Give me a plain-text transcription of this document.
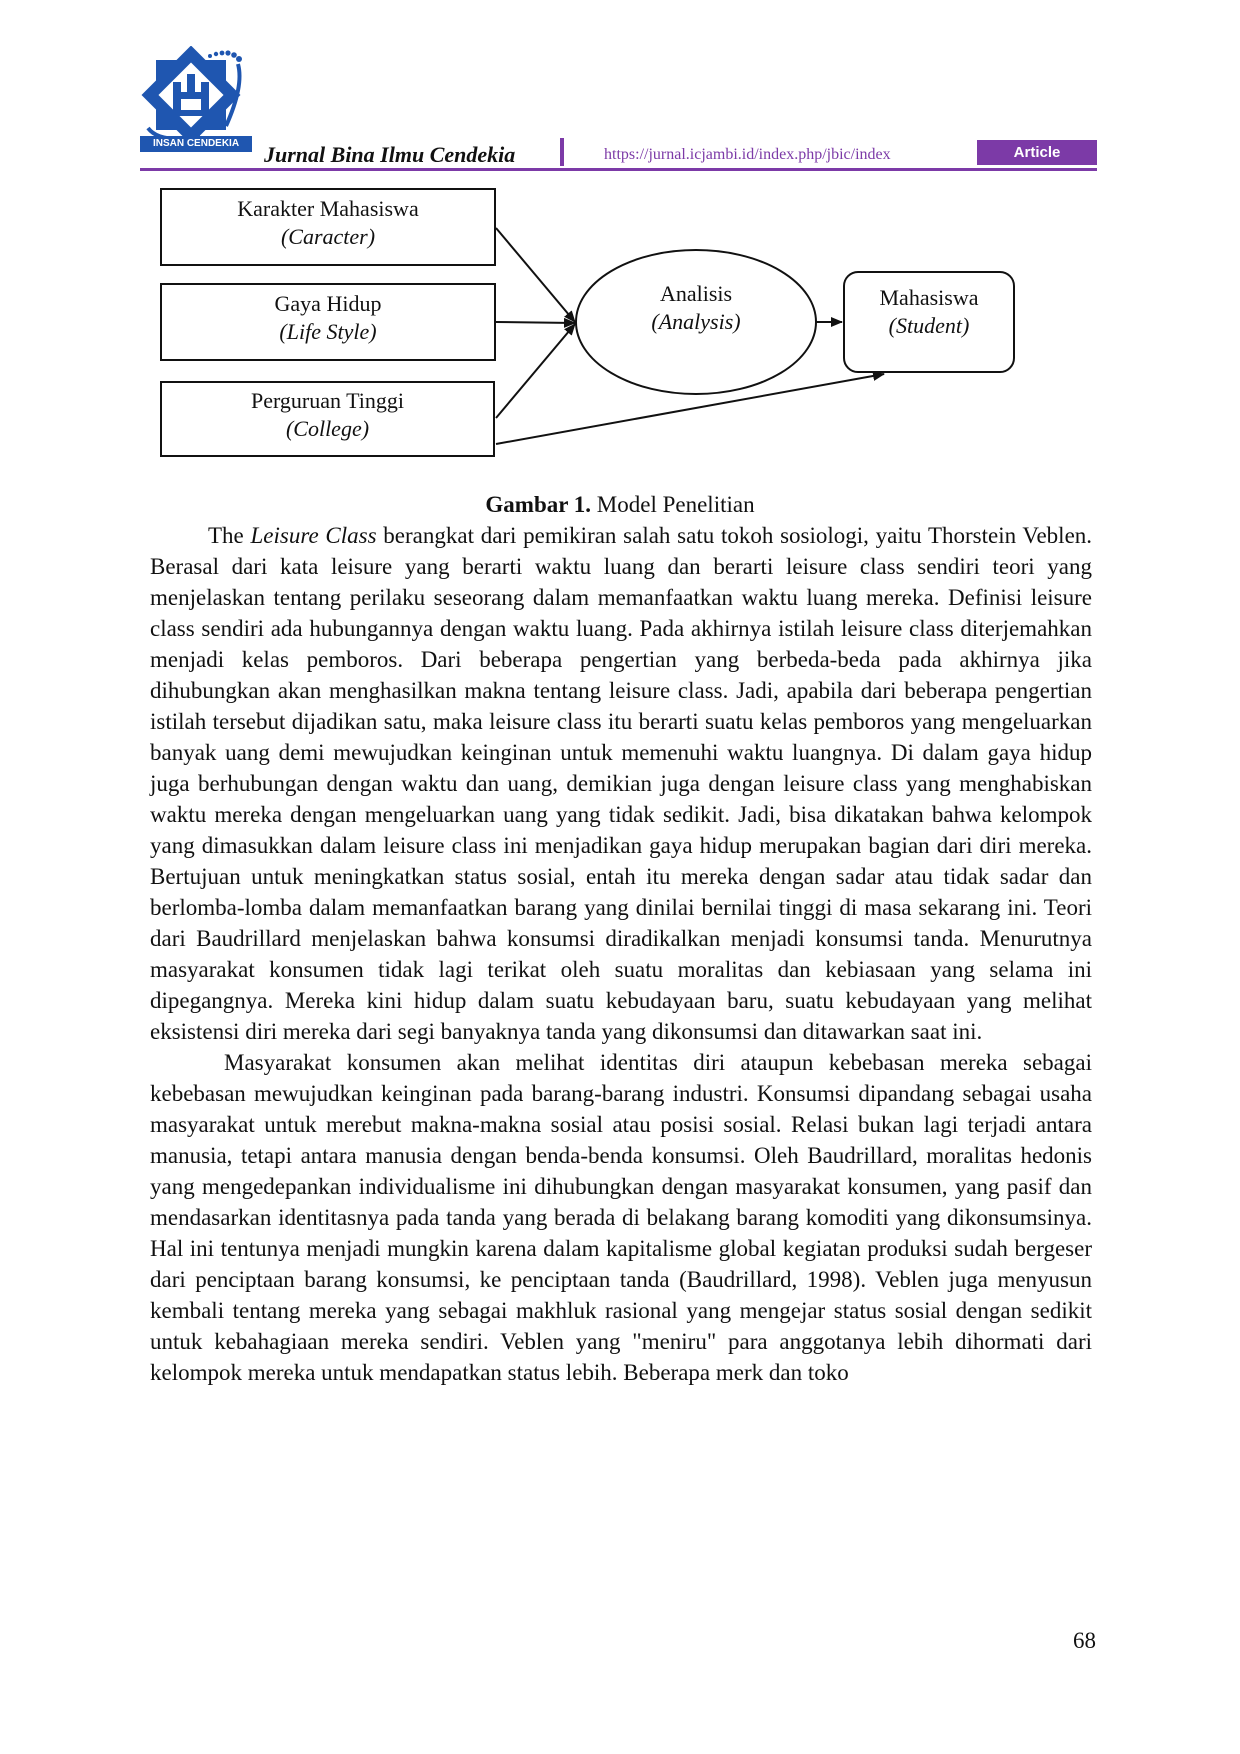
INSAN CENDEKIA	Jurnal Bina Ilmu Cendekia	https://jurnal.icjambi.id/index.php/jbic/index	Article
Karakter Mahasiswa
(Caracter)
Gaya Hidup
(Life Style)
Perguruan Tinggi
(College)
Analisis
(Analysis)
Mahasiswa
(Student)
Gambar 1. Model Penelitian

The Leisure Class berangkat dari pemikiran salah satu tokoh sosiologi, yaitu Thorstein Veblen. Berasal dari kata leisure yang berarti waktu luang dan berarti leisure class sendiri teori yang menjelaskan tentang perilaku seseorang dalam memanfaatkan waktu luang mereka. Definisi leisure class sendiri ada hubungannya dengan waktu luang. Pada akhirnya istilah leisure class diterjemahkan menjadi kelas pemboros. Dari beberapa pengertian yang berbeda-beda pada akhirnya jika dihubungkan akan menghasilkan makna tentang leisure class. Jadi, apabila dari beberapa pengertian istilah tersebut dijadikan satu, maka leisure class itu berarti suatu kelas pemboros yang mengeluarkan banyak uang demi mewujudkan keinginan untuk memenuhi waktu luangnya. Di dalam gaya hidup juga berhubungan dengan waktu dan uang, demikian juga dengan leisure class yang menghabiskan waktu mereka dengan mengeluarkan uang yang tidak sedikit. Jadi, bisa dikatakan bahwa kelompok yang dimasukkan dalam leisure class ini menjadikan gaya hidup merupakan bagian dari diri mereka. Bertujuan untuk meningkatkan status sosial, entah itu mereka dengan sadar atau tidak sadar dan berlomba-lomba dalam memanfaatkan barang yang dinilai bernilai tinggi di masa sekarang ini. Teori dari Baudrillard menjelaskan bahwa konsumsi diradikalkan menjadi konsumsi tanda. Menurutnya masyarakat konsumen tidak lagi terikat oleh suatu moralitas dan kebiasaan yang selama ini dipegangnya. Mereka kini hidup dalam suatu kebudayaan baru, suatu kebudayaan yang melihat eksistensi diri mereka dari segi banyaknya tanda yang dikonsumsi dan ditawarkan saat ini.

Masyarakat konsumen akan melihat identitas diri ataupun kebebasan mereka sebagai kebebasan mewujudkan keinginan pada barang-barang industri. Konsumsi dipandang sebagai usaha masyarakat untuk merebut makna-makna sosial atau posisi sosial. Relasi bukan lagi terjadi antara manusia, tetapi antara manusia dengan benda-benda konsumsi. Oleh Baudrillard, moralitas hedonis yang mengedepankan individualisme ini dihubungkan dengan masyarakat konsumen, yang pasif dan mendasarkan identitasnya pada tanda yang berada di belakang barang komoditi yang dikonsumsinya. Hal ini tentunya menjadi mungkin karena dalam kapitalisme global kegiatan produksi sudah bergeser dari penciptaan barang konsumsi, ke penciptaan tanda (Baudrillard, 1998). Veblen juga menyusun kembali tentang mereka yang sebagai makhluk rasional yang mengejar status sosial dengan sedikit untuk kebahagiaan mereka sendiri. Veblen yang "meniru" para anggotanya lebih dihormati dari kelompok mereka untuk mendapatkan status lebih. Beberapa merk dan toko

68
